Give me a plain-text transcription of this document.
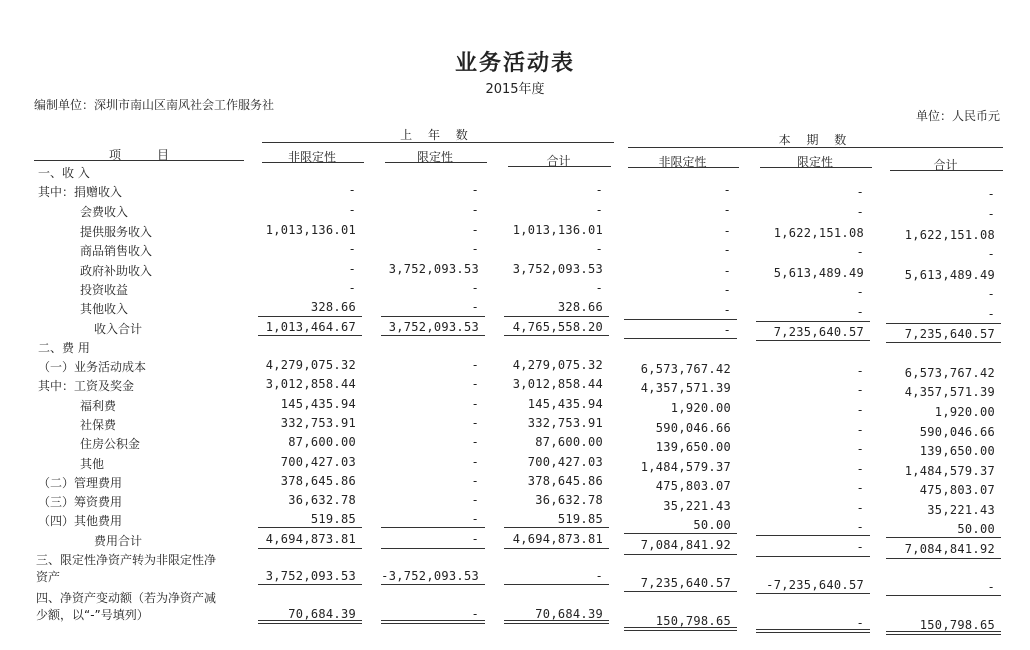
业务活动表
2015年度
编制单位：深圳市南山区南风社会工作服务社
单位：人民币元
上 年 数	本 期 数
项　　　目	非限定性	限定性	合计	非限定性	限定性	合计
一、收 入
其中：捐赠收入	-	-	-	-	-	-
会费收入	-	-	-	-	-	-
提供服务收入	1,013,136.01	-	1,013,136.01	-	1,622,151.08	1,622,151.08
商品销售收入	-	-	-	-	-	-
政府补助收入	-	3,752,093.53	3,752,093.53	-	5,613,489.49	5,613,489.49
投资收益	-	-	-	-	-	-
其他收入	328.66	-	328.66	-	-	-
收入合计	1,013,464.67	3,752,093.53	4,765,558.20	-	7,235,640.57	7,235,640.57
二、费 用
（一）业务活动成本	4,279,075.32	-	4,279,075.32	6,573,767.42	-	6,573,767.42
其中：工资及奖金	3,012,858.44	-	3,012,858.44	4,357,571.39	-	4,357,571.39
福利费	145,435.94	-	145,435.94	1,920.00	-	1,920.00
社保费	332,753.91	-	332,753.91	590,046.66	-	590,046.66
住房公积金	87,600.00	-	87,600.00	139,650.00	-	139,650.00
其他	700,427.03	-	700,427.03	1,484,579.37	-	1,484,579.37
（二）管理费用	378,645.86	-	378,645.86	475,803.07	-	475,803.07
（三）筹资费用	36,632.78	-	36,632.78	35,221.43	-	35,221.43
（四）其他费用	519.85	-	519.85	50.00	-	50.00
费用合计	4,694,873.81	-	4,694,873.81	7,084,841.92	-	7,084,841.92
三、限定性净资产转为非限定性净
资产	3,752,093.53	-3,752,093.53	-	7,235,640.57	-7,235,640.57	-
四、净资产变动额（若为净资产减
少额，以“-”号填列）	70,684.39	-	70,684.39	150,798.65	-	150,798.65
